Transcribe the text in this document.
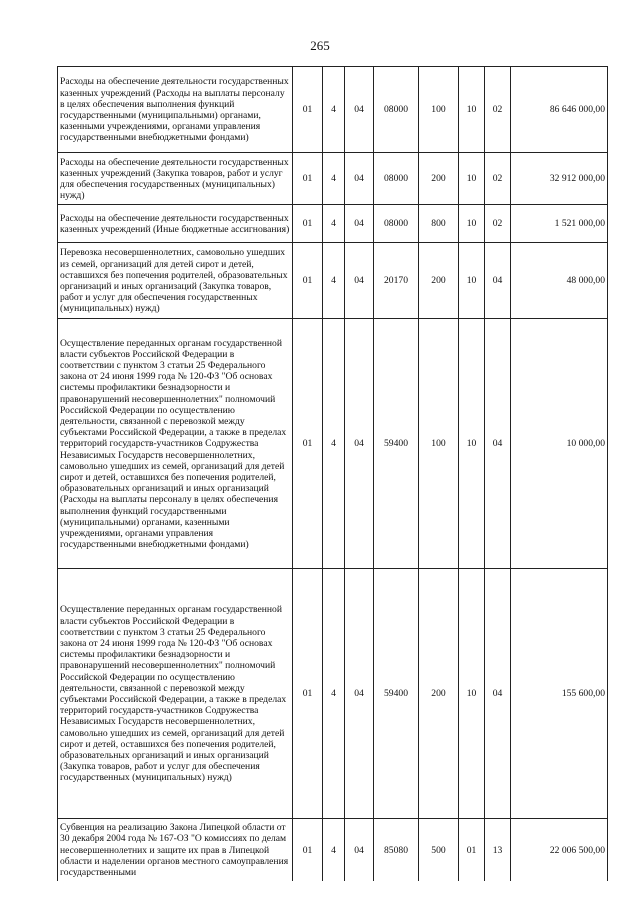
265
Расходы на обеспечение деятельности государственных казенных учреждений (Расходы на выплаты персоналу в целях обеспечения выполнения функций государственными (муниципальными) органами, казенными учреждениями, органами управления государственными внебюджетными фондами)	01	4	04	08000	100	10	02	86 646 000,00
Расходы на обеспечение деятельности государственных казенных учреждений (Закупка товаров, работ и услуг для обеспечения государственных (муниципальных) нужд)	01	4	04	08000	200	10	02	32 912 000,00
Расходы на обеспечение деятельности государственных казенных учреждений (Иные бюджетные ассигнования)	01	4	04	08000	800	10	02	1 521 000,00
Перевозка несовершеннолетних, самовольно ушедших из семей, организаций для детей сирот и детей, оставшихся без попечения родителей, образовательных организаций и иных организаций (Закупка товаров, работ и услуг для обеспечения государственных (муниципальных) нужд)	01	4	04	20170	200	10	04	48 000,00
Осуществление переданных органам государственной власти субъектов Российской Федерации в соответствии с пунктом 3 статьи 25 Федерального закона от 24 июня 1999 года № 120-ФЗ "Об основах системы профилактики безнадзорности и правонарушений несовершеннолетних" полномочий Российской Федерации по осуществлению деятельности, связанной с перевозкой между субъектами Российской Федерации, а также в пределах территорий государств-участников Содружества Независимых Государств несовершеннолетних, самовольно ушедших из семей, организаций для детей сирот и детей, оставшихся без попечения родителей, образовательных организаций и иных организаций (Расходы на выплаты персоналу в целях обеспечения выполнения функций государственными (муниципальными) органами, казенными учреждениями, органами управления государственными внебюджетными фондами)	01	4	04	59400	100	10	04	10 000,00
Осуществление переданных органам государственной власти субъектов Российской Федерации в соответствии с пунктом 3 статьи 25 Федерального закона от 24 июня 1999 года № 120-ФЗ "Об основах системы профилактики безнадзорности и правонарушений несовершеннолетних" полномочий Российской Федерации по осуществлению деятельности, связанной с перевозкой между субъектами Российской Федерации, а также в пределах территорий государств-участников Содружества Независимых Государств несовершеннолетних, самовольно ушедших из семей, организаций для детей сирот и детей, оставшихся без попечения родителей, образовательных организаций и иных организаций (Закупка товаров, работ и услуг для обеспечения государственных (муниципальных) нужд)	01	4	04	59400	200	10	04	155 600,00
Субвенция на реализацию Закона Липецкой области от 30 декабря 2004 года № 167-ОЗ "О комиссиях по делам несовершеннолетних и защите их прав в Липецкой области и наделении органов местного самоуправления государственными	01	4	04	85080	500	01	13	22 006 500,00
